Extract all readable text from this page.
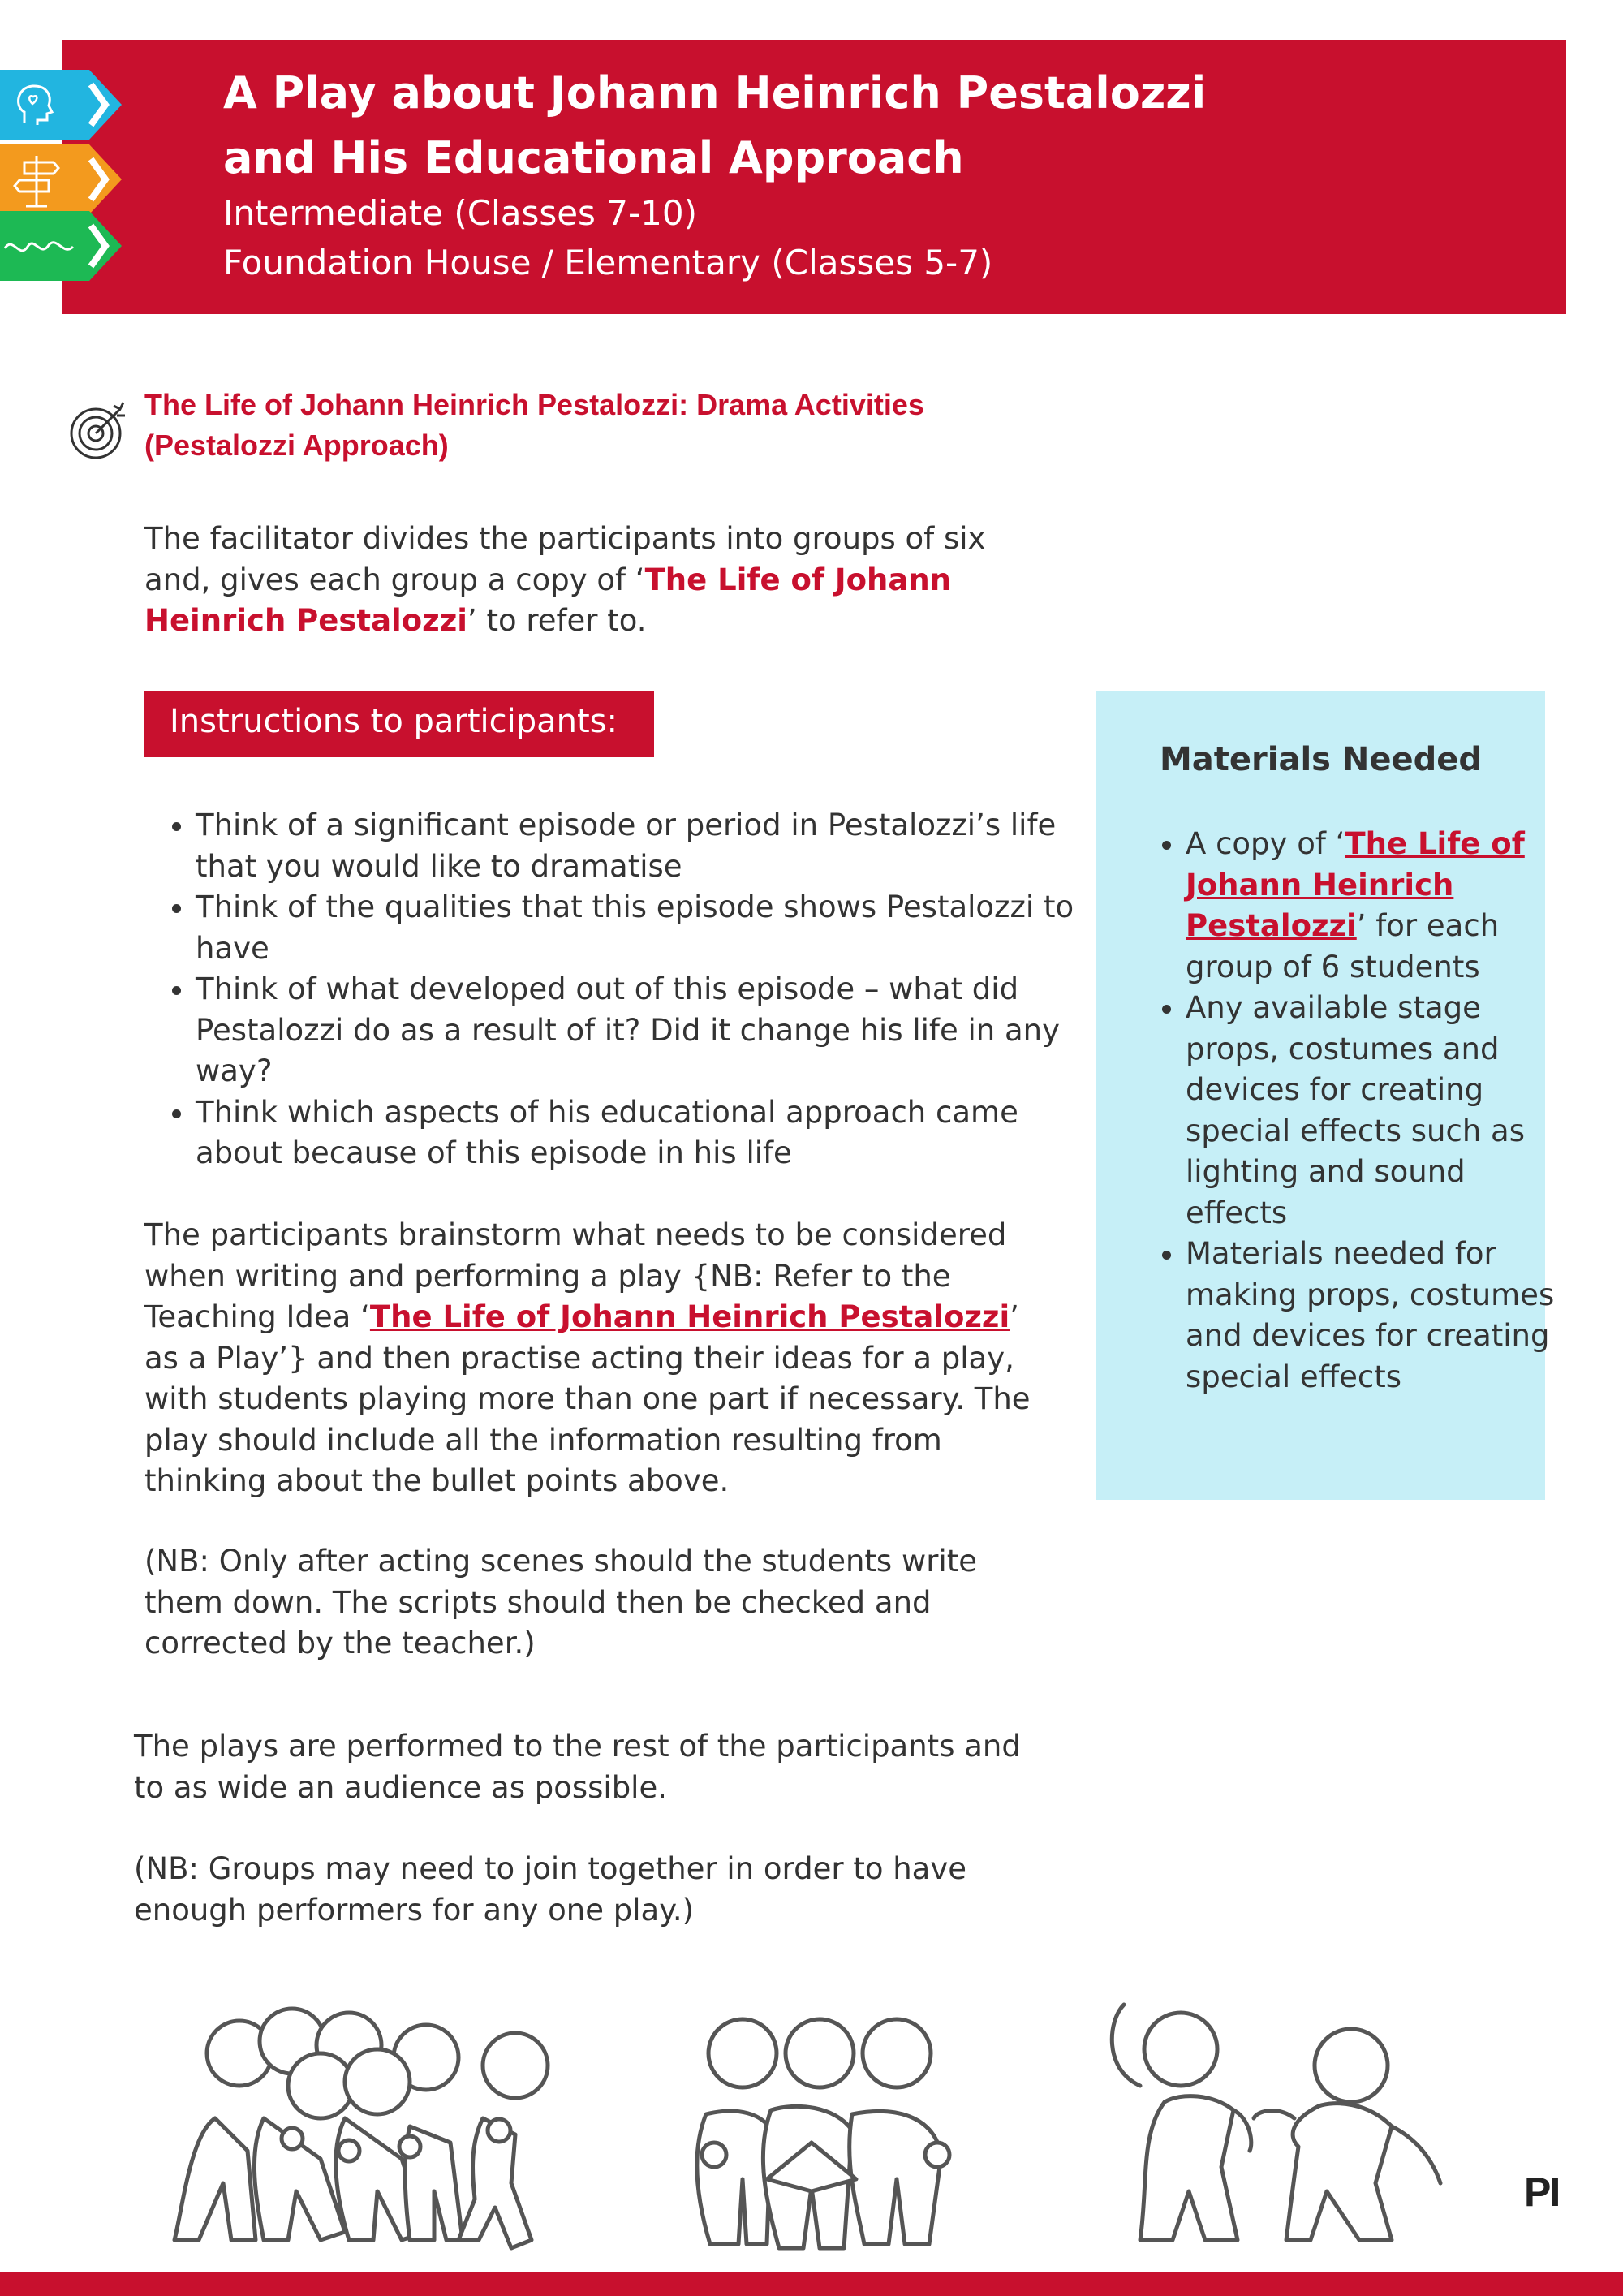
A Play about Johann Heinrich Pestalozzi
and His Educational Approach
Intermediate (Classes 7-10)
Foundation House / Elementary (Classes 5-7)
The Life of Johann Heinrich Pestalozzi: Drama Activities
(Pestalozzi Approach)
The facilitator divides the participants into groups of six and, gives each group a copy of ‘The Life of Johann Heinrich Pestalozzi’ to refer to.
Instructions to participants:
• Think of a significant episode or period in Pestalozzi’s life that you would like to dramatise
• Think of the qualities that this episode shows Pestalozzi to have
• Think of what developed out of this episode – what did Pestalozzi do as a result of it? Did it change his life in any way?
• Think which aspects of his educational approach came about because of this episode in his life
The participants brainstorm what needs to be considered when writing and performing a play {NB: Refer to the Teaching Idea ‘The Life of Johann Heinrich Pestalozzi’ as a Play’} and then practise acting their ideas for a play, with students playing more than one part if necessary. The play should include all the information resulting from thinking about the bullet points above.
(NB: Only after acting scenes should the students write them down. The scripts should then be checked and corrected by the teacher.)
The plays are performed to the rest of the participants and to as wide an audience as possible.
(NB: Groups may need to join together in order to have enough performers for any one play.)
Materials Needed
• A copy of ‘The Life of Johann Heinrich Pestalozzi’ for each group of 6 students
• Any available stage props, costumes and devices for creating special effects such as lighting and sound effects
• Materials needed for making props, costumes and devices for creating special effects
PI
